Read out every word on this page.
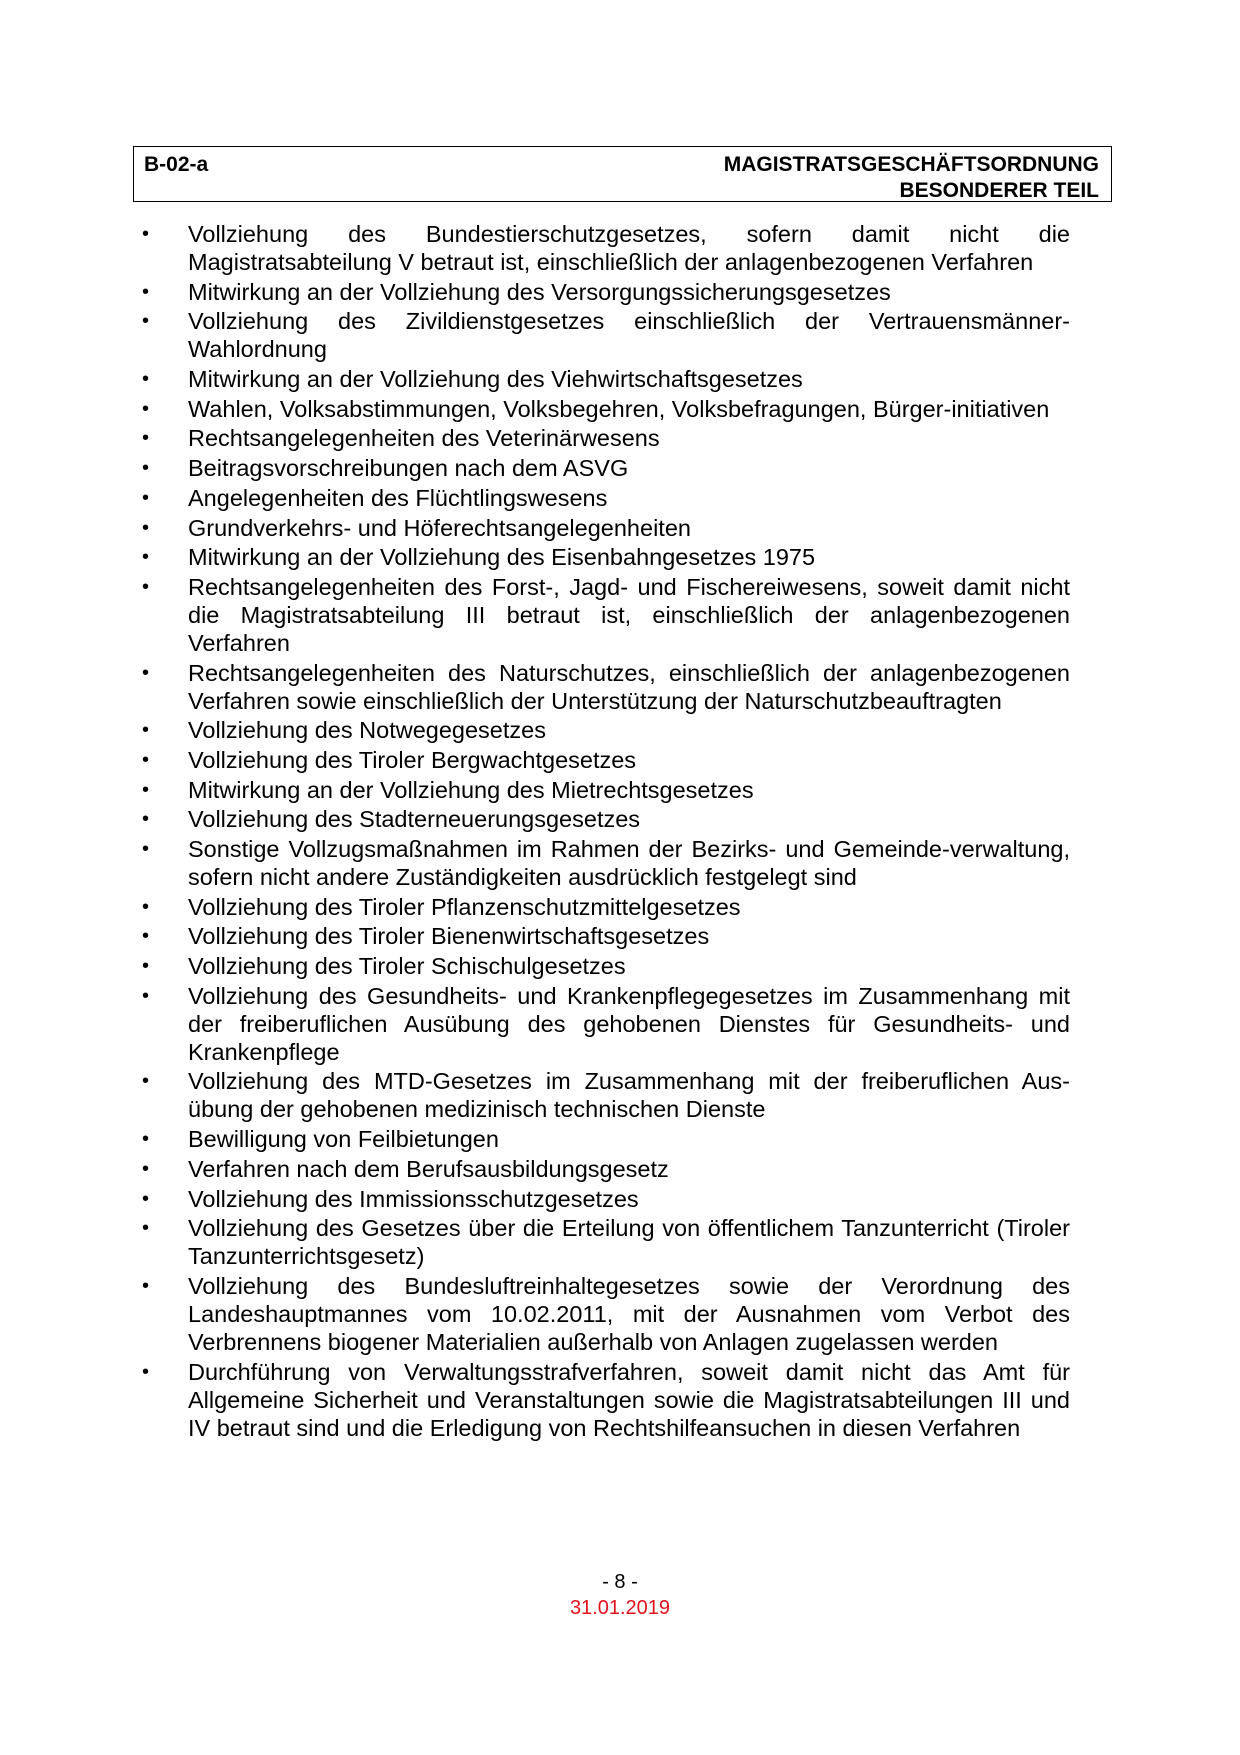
B-02-a	MAGISTRATSGESCHÄFTSORDNUNG
BESONDERER TEIL
•	Vollziehung des Bundestierschutzgesetzes, sofern damit nicht die Magistratsabteilung V betraut ist, einschließlich der anlagenbezogenen Verfahren
•	Mitwirkung an der Vollziehung des Versorgungssicherungsgesetzes
•	Vollziehung des Zivildienstgesetzes einschließlich der Vertrauensmänner-Wahlordnung
•	Mitwirkung an der Vollziehung des Viehwirtschaftsgesetzes
•	Wahlen, Volksabstimmungen, Volksbegehren, Volksbefragungen, Bürger-initiativen
•	Rechtsangelegenheiten des Veterinärwesens
•	Beitragsvorschreibungen nach dem ASVG
•	Angelegenheiten des Flüchtlingswesens
•	Grundverkehrs- und Höferechtsangelegenheiten
•	Mitwirkung an der Vollziehung des Eisenbahngesetzes 1975
•	Rechtsangelegenheiten des Forst-, Jagd- und Fischereiwesens, soweit damit nicht die Magistratsabteilung III betraut ist, einschließlich der anlagenbezogenen Verfahren
•	Rechtsangelegenheiten des Naturschutzes, einschließlich der anlagenbezogenen Verfahren sowie einschließlich der Unterstützung der Naturschutzbeauftragten
•	Vollziehung des Notwegegesetzes
•	Vollziehung des Tiroler Bergwachtgesetzes
•	Mitwirkung an der Vollziehung des Mietrechtsgesetzes
•	Vollziehung des Stadterneuerungsgesetzes
•	Sonstige Vollzugsmaßnahmen im Rahmen der Bezirks- und Gemeinde-verwaltung, sofern nicht andere Zuständigkeiten ausdrücklich festgelegt sind
•	Vollziehung des Tiroler Pflanzenschutzmittelgesetzes
•	Vollziehung des Tiroler Bienenwirtschaftsgesetzes
•	Vollziehung des Tiroler Schischulgesetzes
•	Vollziehung des Gesundheits- und Krankenpflegegesetzes im Zusammenhang mit der freiberuflichen Ausübung des gehobenen Dienstes für Gesundheits- und Krankenpflege
•	Vollziehung des MTD-Gesetzes im Zusammenhang mit der freiberuflichen Aus-übung der gehobenen medizinisch technischen Dienste
•	Bewilligung von Feilbietungen
•	Verfahren nach dem Berufsausbildungsgesetz
•	Vollziehung des Immissionsschutzgesetzes
•	Vollziehung des Gesetzes über die Erteilung von öffentlichem Tanzunterricht (Tiroler Tanzunterrichtsgesetz)
•	Vollziehung des Bundesluftreinhaltegesetzes sowie der Verordnung des Landeshauptmannes vom 10.02.2011, mit der Ausnahmen vom Verbot des Verbrennens biogener Materialien außerhalb von Anlagen zugelassen werden
•	Durchführung von Verwaltungsstrafverfahren, soweit damit nicht das Amt für Allgemeine Sicherheit und Veranstaltungen sowie die Magistratsabteilungen III und IV betraut sind und die Erledigung von Rechtshilfeansuchen in diesen Verfahren
- 8 -
31.01.2019
